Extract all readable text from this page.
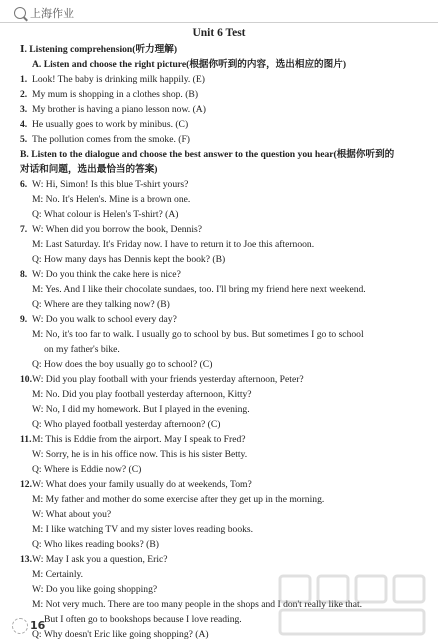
上海作业
Unit 6 Test
Ⅰ. Listening comprehension(听力理解)
A. Listen and choose the right picture(根据你听到的内容，选出相应的图片)
1. Look! The baby is drinking milk happily. (E)
2. My mum is shopping in a clothes shop. (B)
3. My brother is having a piano lesson now. (A)
4. He usually goes to work by minibus. (C)
5. The pollution comes from the smoke. (F)
B. Listen to the dialogue and choose the best answer to the question you hear(根据你听到的
对话和问题，选出最恰当的答案)
6. W: Hi, Simon! Is this blue T-shirt yours?
M: No. It's Helen's. Mine is a brown one.
Q: What colour is Helen's T-shirt? (A)
7. W: When did you borrow the book, Dennis?
M: Last Saturday. It's Friday now. I have to return it to Joe this afternoon.
Q: How many days has Dennis kept the book? (B)
8. W: Do you think the cake here is nice?
M: Yes. And I like their chocolate sundaes, too. I'll bring my friend here next weekend.
Q: Where are they talking now? (B)
9. W: Do you walk to school every day?
M: No, it's too far to walk. I usually go to school by bus. But sometimes I go to school
on my father's bike.
Q: How does the boy usually go to school? (C)
10. W: Did you play football with your friends yesterday afternoon, Peter?
M: No. Did you play football yesterday afternoon, Kitty?
W: No, I did my homework. But I played in the evening.
Q: Who played football yesterday afternoon? (C)
11. M: This is Eddie from the airport. May I speak to Fred?
W: Sorry, he is in his office now. This is his sister Betty.
Q: Where is Eddie now? (C)
12. W: What does your family usually do at weekends, Tom?
M: My father and mother do some exercise after they get up in the morning.
W: What about you?
M: I like watching TV and my sister loves reading books.
Q: Who likes reading books? (B)
13. W: May I ask you a question, Eric?
M: Certainly.
W: Do you like going shopping?
M: Not very much. There are too many people in the shops and I don't really like that.
But I often go to bookshops because I love reading.
Q: Why doesn't Eric like going shopping? (A)
16
